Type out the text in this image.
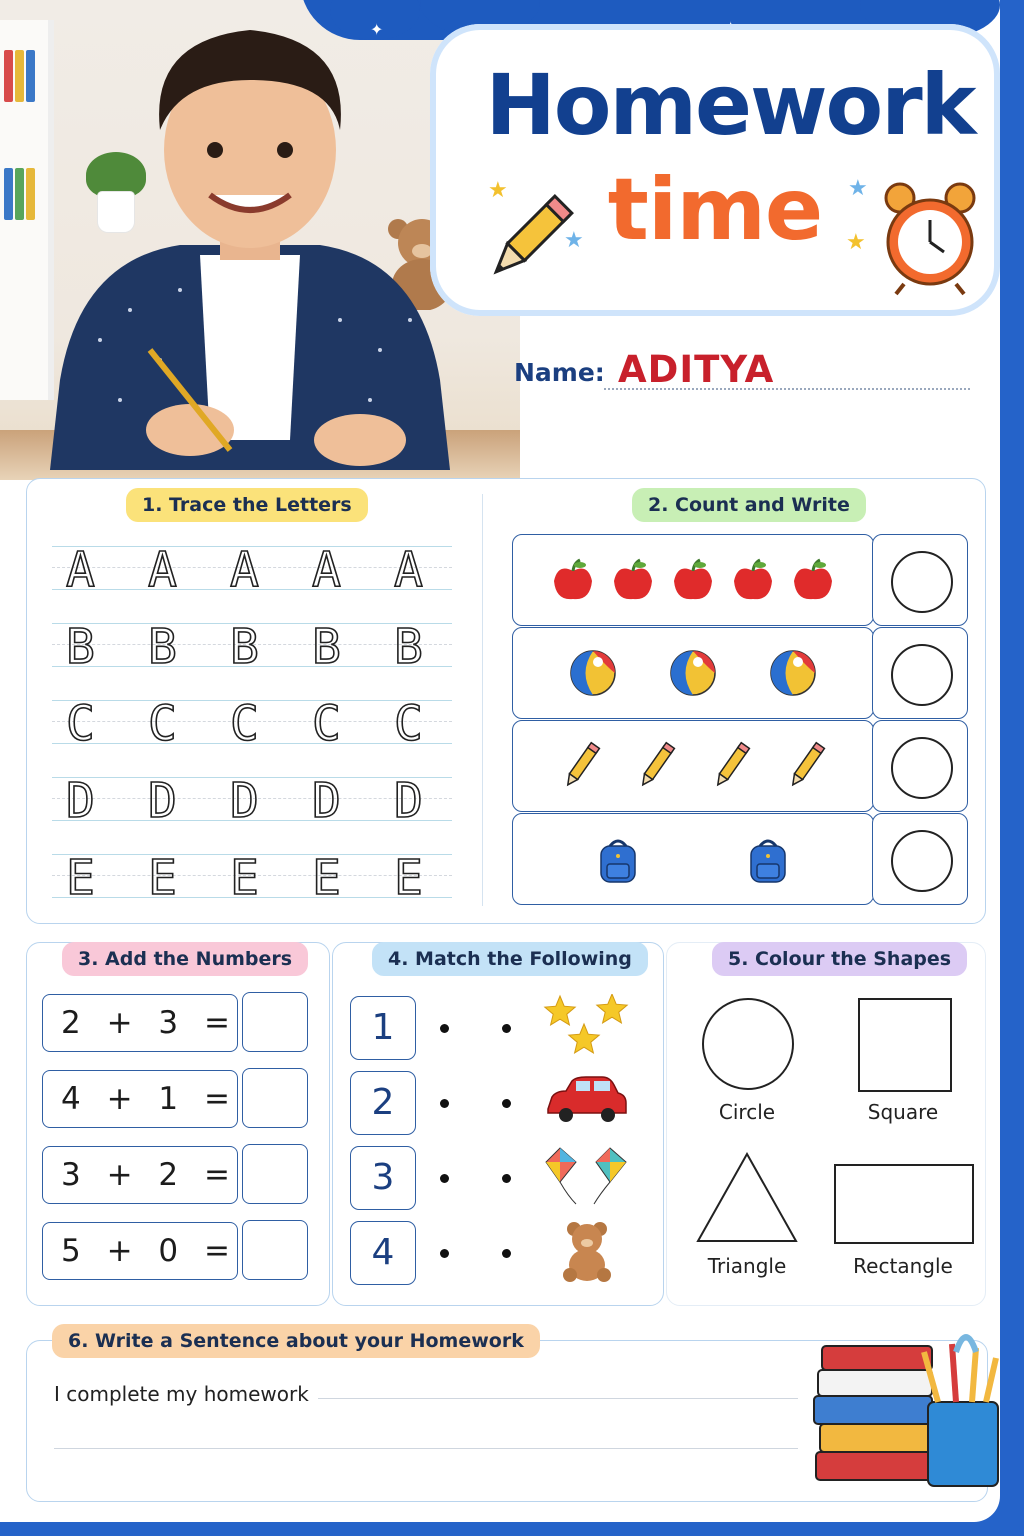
✦
Homework
time
★
★
★
★
Name: ADITYA
1. Trace the Letters
A A A A A
B B B B B
C C C C C
D D D D D
E E E E E
2. Count and Write
3. Add the Numbers
2 + 3 =
4 + 1 =
3 + 2 =
5 + 0 =
4. Match the Following
1
2
3
4
5. Colour the Shapes
Circle	Square
Triangle	Rectangle
6. Write a Sentence about your Homework
I complete my homework
